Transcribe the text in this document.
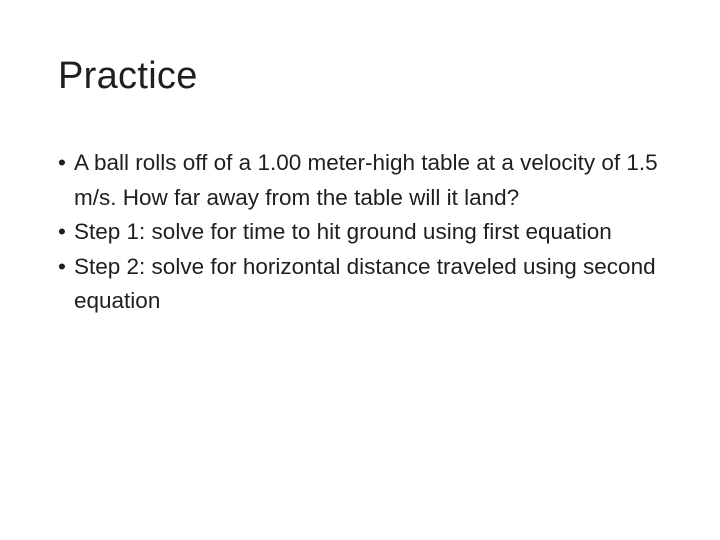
Practice
• A ball rolls off of a 1.00 meter-high table at a velocity of 1.5 m/s. How far away from the table will it land?
• Step 1: solve for time to hit ground using first equation
• Step 2: solve for horizontal distance traveled using second equation
